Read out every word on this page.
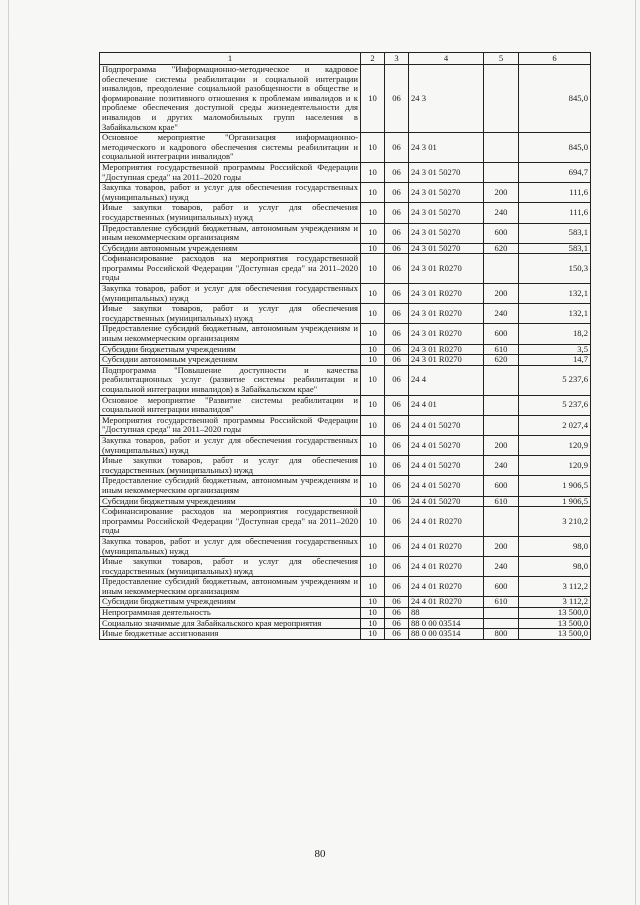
1	2	3	4	5	6
Подпрограмма "Информационно-методическое и кадровое обеспечение системы реабилитации и социальной интеграции инвалидов, преодоление социальной разобщенности в обществе и формирование позитивного отношения к проблемам инвалидов и к проблеме обеспечения доступной среды жизнедеятельности для инвалидов и других маломобильных групп населения в Забайкальском крае"	10	06	24 3		845,0
Основное мероприятие "Организация информационно-методического и кадрового обеспечения системы реабилитации и социальной интеграции инвалидов"	10	06	24 3 01		845,0
Мероприятия государственной программы Российской Федерации "Доступная среда" на 2011–2020 годы	10	06	24 3 01 50270		694,7
Закупка товаров, работ и услуг для обеспечения государственных (муниципальных) нужд	10	06	24 3 01 50270	200	111,6
Иные закупки товаров, работ и услуг для обеспечения государственных (муниципальных) нужд	10	06	24 3 01 50270	240	111,6
Предоставление субсидий бюджетным, автономным учреждениям и иным некоммерческим организациям	10	06	24 3 01 50270	600	583,1
Субсидии автономным учреждениям	10	06	24 3 01 50270	620	583,1
Софинансирование расходов на мероприятия государственной программы Российской Федерации "Доступная среда" на 2011–2020 годы	10	06	24 3 01 R0270		150,3
Закупка товаров, работ и услуг для обеспечения государственных (муниципальных) нужд	10	06	24 3 01 R0270	200	132,1
Иные закупки товаров, работ и услуг для обеспечения государственных (муниципальных) нужд	10	06	24 3 01 R0270	240	132,1
Предоставление субсидий бюджетным, автономным учреждениям и иным некоммерческим организациям	10	06	24 3 01 R0270	600	18,2
Субсидии бюджетным учреждениям	10	06	24 3 01 R0270	610	3,5
Субсидии автономным учреждениям	10	06	24 3 01 R0270	620	14,7
Подпрограмма "Повышение доступности и качества реабилитационных услуг (развитие системы реабилитации и социальной интеграции инвалидов) в Забайкальском крае"	10	06	24 4		5 237,6
Основное мероприятие "Развитие системы реабилитации и социальной интеграции инвалидов"	10	06	24 4 01		5 237,6
Мероприятия государственной программы Российской Федерации "Доступная среда" на 2011–2020 годы	10	06	24 4 01 50270		2 027,4
Закупка товаров, работ и услуг для обеспечения государственных (муниципальных) нужд	10	06	24 4 01 50270	200	120,9
Иные закупки товаров, работ и услуг для обеспечения государственных (муниципальных) нужд	10	06	24 4 01 50270	240	120,9
Предоставление субсидий бюджетным, автономным учреждениям и иным некоммерческим организациям	10	06	24 4 01 50270	600	1 906,5
Субсидии бюджетным учреждениям	10	06	24 4 01 50270	610	1 906,5
Софинансирование расходов на мероприятия государственной программы Российской Федерации "Доступная среда" на 2011–2020 годы	10	06	24 4 01 R0270		3 210,2
Закупка товаров, работ и услуг для обеспечения государственных (муниципальных) нужд	10	06	24 4 01 R0270	200	98,0
Иные закупки товаров, работ и услуг для обеспечения государственных (муниципальных) нужд	10	06	24 4 01 R0270	240	98,0
Предоставление субсидий бюджетным, автономным учреждениям и иным некоммерческим организациям	10	06	24 4 01 R0270	600	3 112,2
Субсидии бюджетным учреждениям	10	06	24 4 01 R0270	610	3 112,2
Непрограммная деятельность	10	06	88		13 500,0
Социально значимые для Забайкальского края мероприятия	10	06	88 0 00 03514		13 500,0
Иные бюджетные ассигнования	10	06	88 0 00 03514	800	13 500,0
80
